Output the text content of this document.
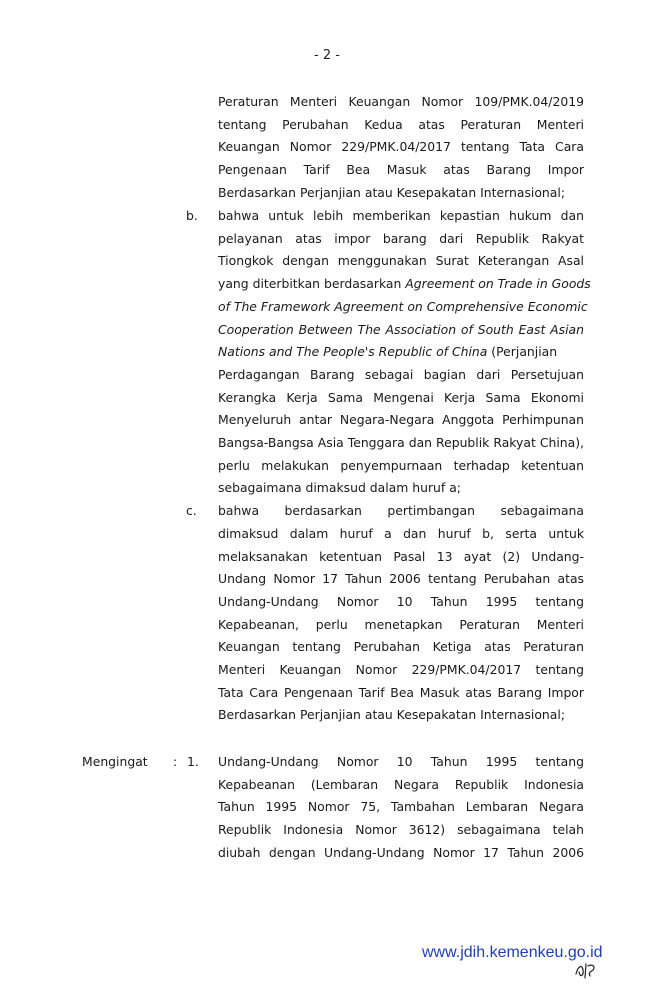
- 2 -
Peraturan Menteri Keuangan Nomor 109/PMK.04/2019
tentang Perubahan Kedua atas Peraturan Menteri
Keuangan Nomor 229/PMK.04/2017 tentang Tata Cara
Pengenaan Tarif Bea Masuk atas Barang Impor
Berdasarkan Perjanjian atau Kesepakatan Internasional;
b. bahwa untuk lebih memberikan kepastian hukum dan
pelayanan atas impor barang dari Republik Rakyat
Tiongkok dengan menggunakan Surat Keterangan Asal
yang diterbitkan berdasarkan Agreement on Trade in Goods
of The Framework Agreement on Comprehensive Economic
Cooperation Between The Association of South East Asian
Nations and The People's Republic of China (Perjanjian
Perdagangan Barang sebagai bagian dari Persetujuan
Kerangka Kerja Sama Mengenai Kerja Sama Ekonomi
Menyeluruh antar Negara-Negara Anggota Perhimpunan
Bangsa-Bangsa Asia Tenggara dan Republik Rakyat China),
perlu melakukan penyempurnaan terhadap ketentuan
sebagaimana dimaksud dalam huruf a;
c. bahwa berdasarkan pertimbangan sebagaimana
dimaksud dalam huruf a dan huruf b, serta untuk
melaksanakan ketentuan Pasal 13 ayat (2) Undang-
Undang Nomor 17 Tahun 2006 tentang Perubahan atas
Undang-Undang Nomor 10 Tahun 1995 tentang
Kepabeanan, perlu menetapkan Peraturan Menteri
Keuangan tentang Perubahan Ketiga atas Peraturan
Menteri Keuangan Nomor 229/PMK.04/2017 tentang
Tata Cara Pengenaan Tarif Bea Masuk atas Barang Impor
Berdasarkan Perjanjian atau Kesepakatan Internasional;
Mengingat : 1. Undang-Undang Nomor 10 Tahun 1995 tentang
Kepabeanan (Lembaran Negara Republik Indonesia
Tahun 1995 Nomor 75, Tambahan Lembaran Negara
Republik Indonesia Nomor 3612) sebagaimana telah
diubah dengan Undang-Undang Nomor 17 Tahun 2006
www.jdih.kemenkeu.go.id
